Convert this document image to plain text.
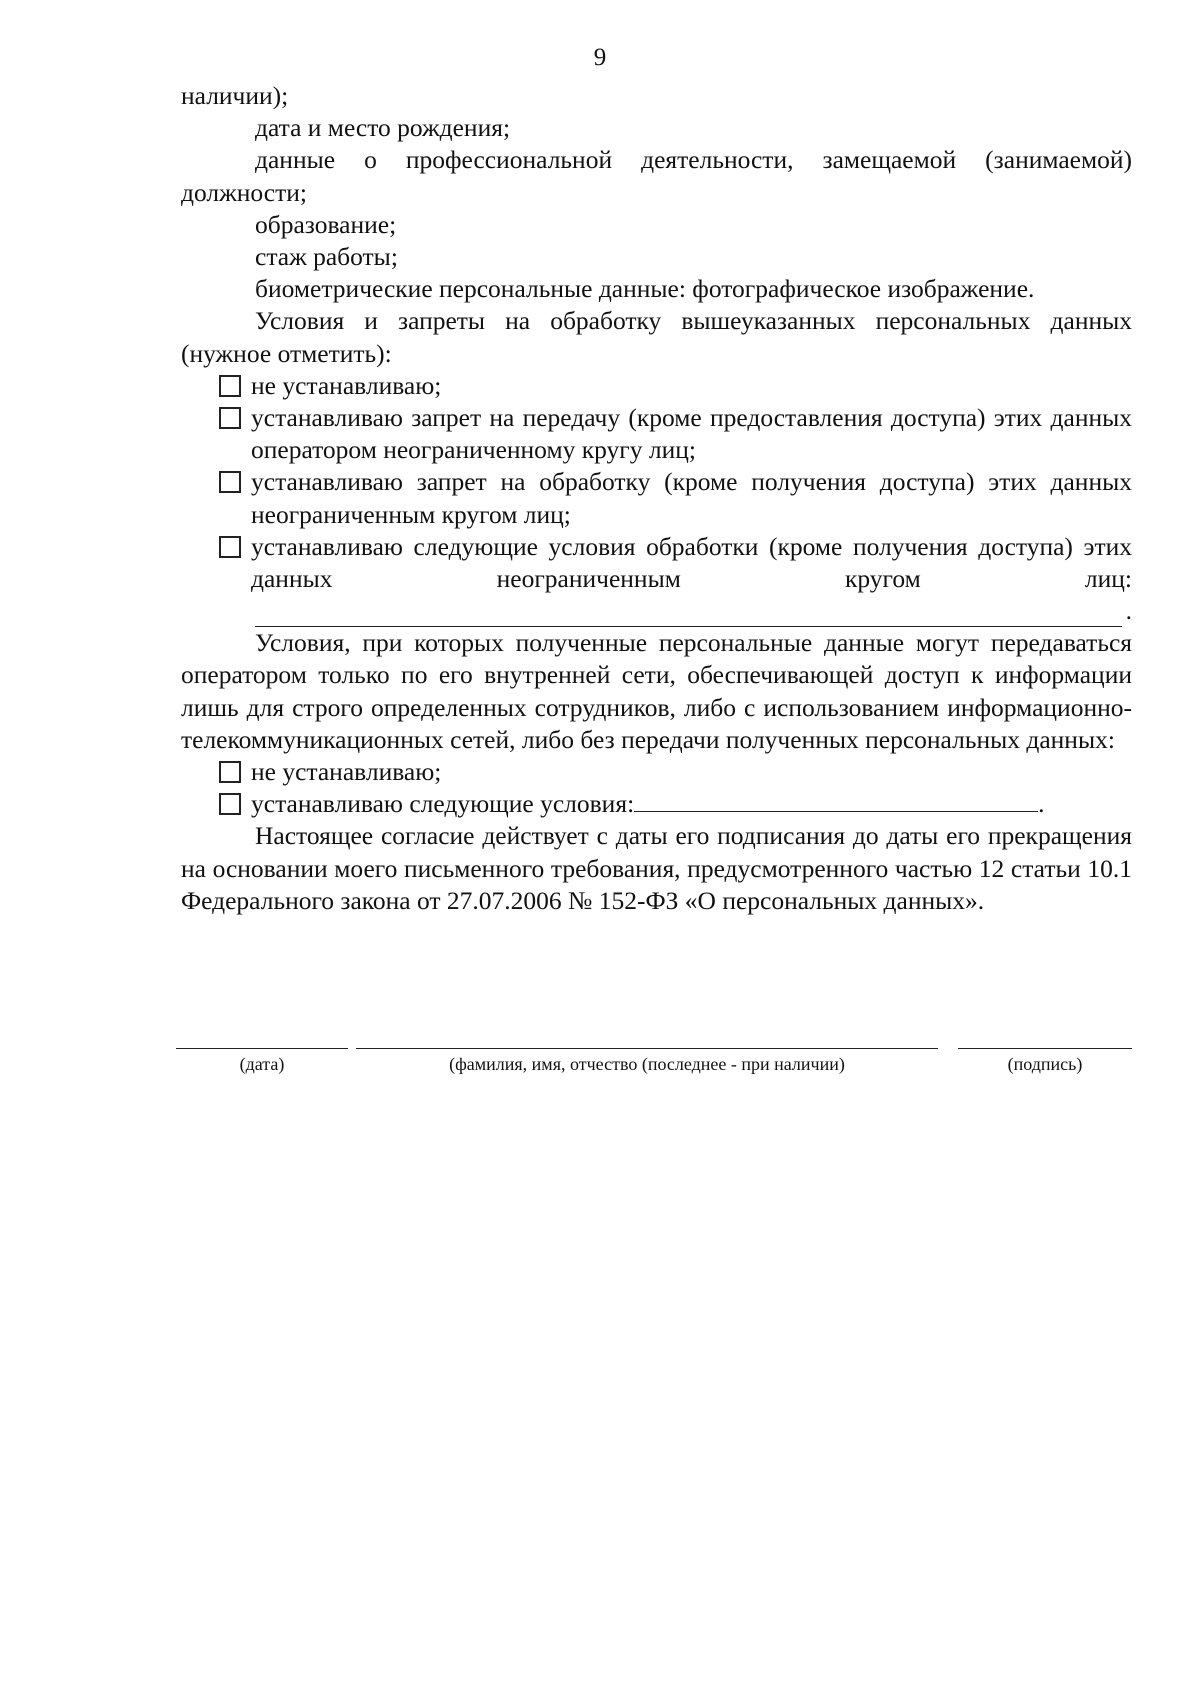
9

наличии);

дата и место рождения;

данные о профессиональной деятельности, замещаемой (занимаемой) должности;

образование;

стаж работы;

биометрические персональные данные: фотографическое изображение.

Условия и запреты на обработку вышеуказанных персональных данных (нужное отметить):

не устанавливаю;
устанавливаю запрет на передачу (кроме предоставления доступа) этих данных оператором неограниченному кругу лиц;
устанавливаю запрет на обработку (кроме получения доступа) этих данных неограниченным кругом лиц;
устанавливаю следующие условия обработки (кроме получения доступа) этих данных неограниченным кругом лиц:
.

Условия, при которых полученные персональные данные могут передаваться оператором только по его внутренней сети, обеспечивающей доступ к информации лишь для строго определенных сотрудников, либо с использованием информационно-телекоммуникационных сетей, либо без передачи полученных персональных данных:

не устанавливаю;
устанавливаю следующие условия:	.

Настоящее согласие действует с даты его подписания до даты его прекращения на основании моего письменного требования, предусмотренного частью 12 статьи 10.1 Федерального закона от 27.07.2006 № 152-ФЗ «О персональных данных».

(дата)	(фамилия, имя, отчество (последнее - при наличии)	(подпись)
